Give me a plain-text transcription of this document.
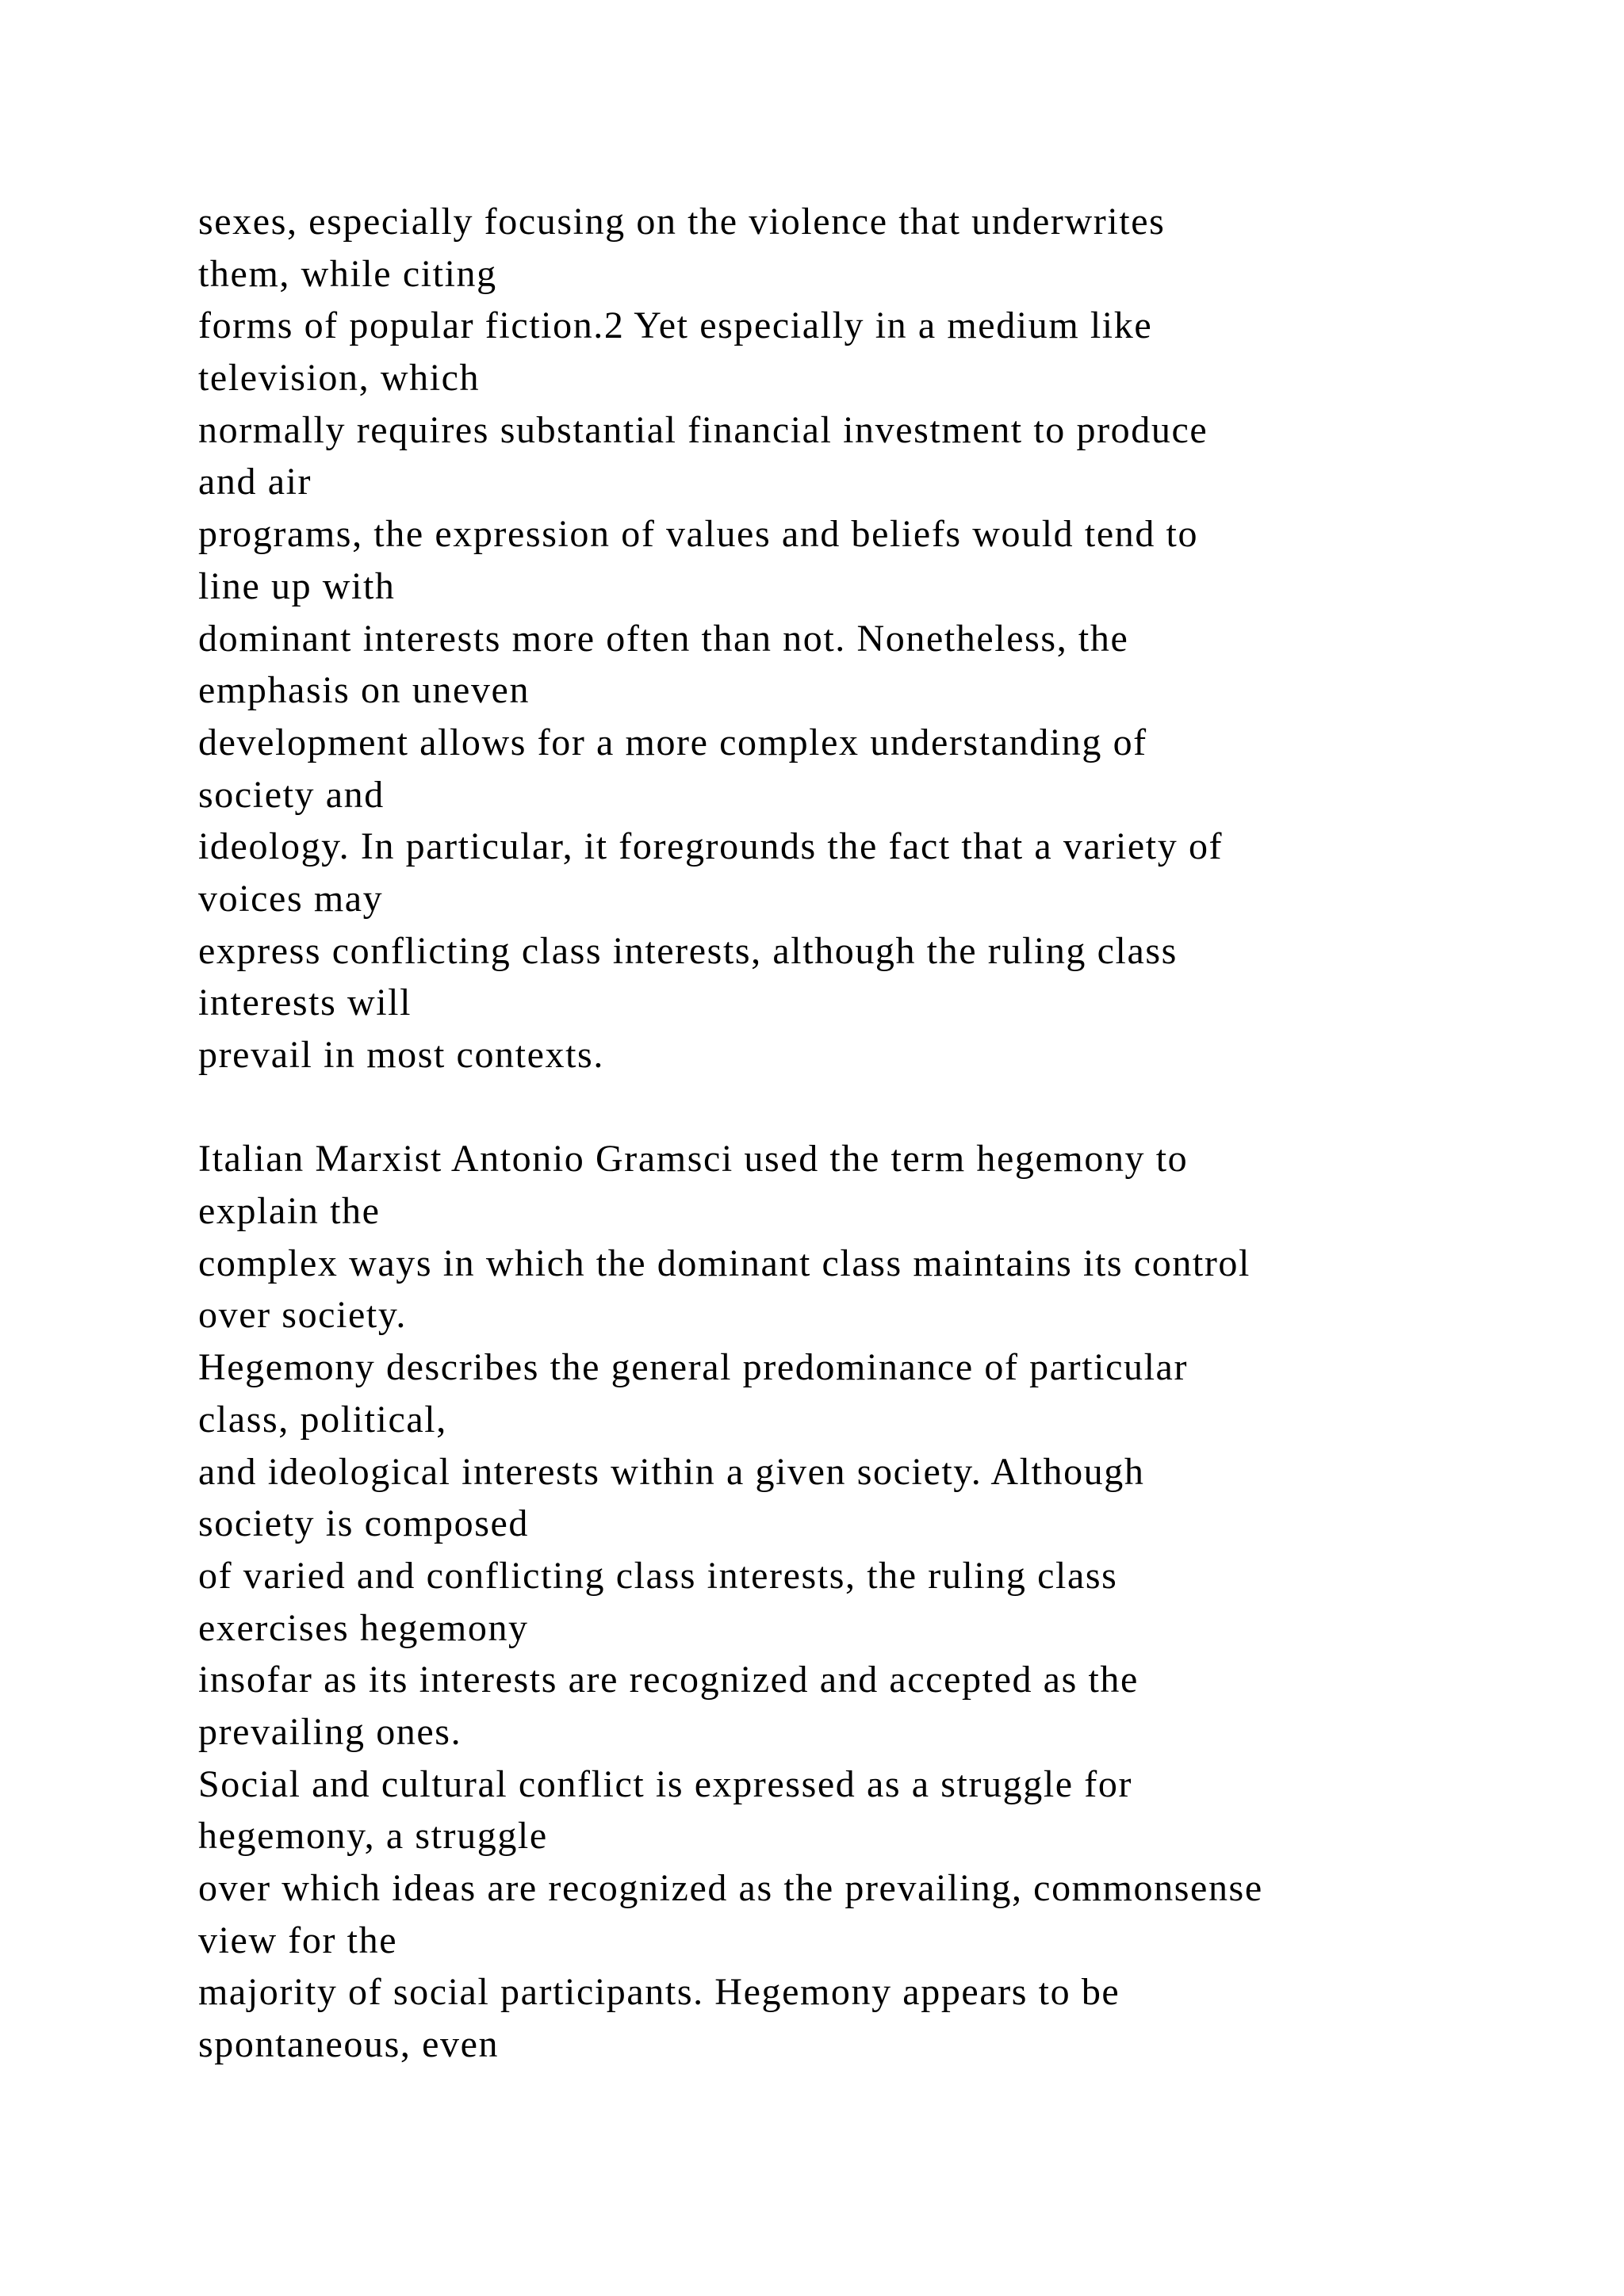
sexes, especially focusing on the violence that underwrites
them, while citing
forms of popular fiction.2 Yet especially in a medium like
television, which
normally requires substantial financial investment to produce
and air
programs, the expression of values and beliefs would tend to
line up with
dominant interests more often than not. Nonetheless, the
emphasis on uneven
development allows for a more complex understanding of
society and
ideology. In particular, it foregrounds the fact that a variety of
voices may
express conflicting class interests, although the ruling class
interests will
prevail in most contexts.
Italian Marxist Antonio Gramsci used the term hegemony to
explain the
complex ways in which the dominant class maintains its control
over society.
Hegemony describes the general predominance of particular
class, political,
and ideological interests within a given society. Although
society is composed
of varied and conflicting class interests, the ruling class
exercises hegemony
insofar as its interests are recognized and accepted as the
prevailing ones.
Social and cultural conflict is expressed as a struggle for
hegemony, a struggle
over which ideas are recognized as the prevailing, commonsense
view for the
majority of social participants. Hegemony appears to be
spontaneous, even
